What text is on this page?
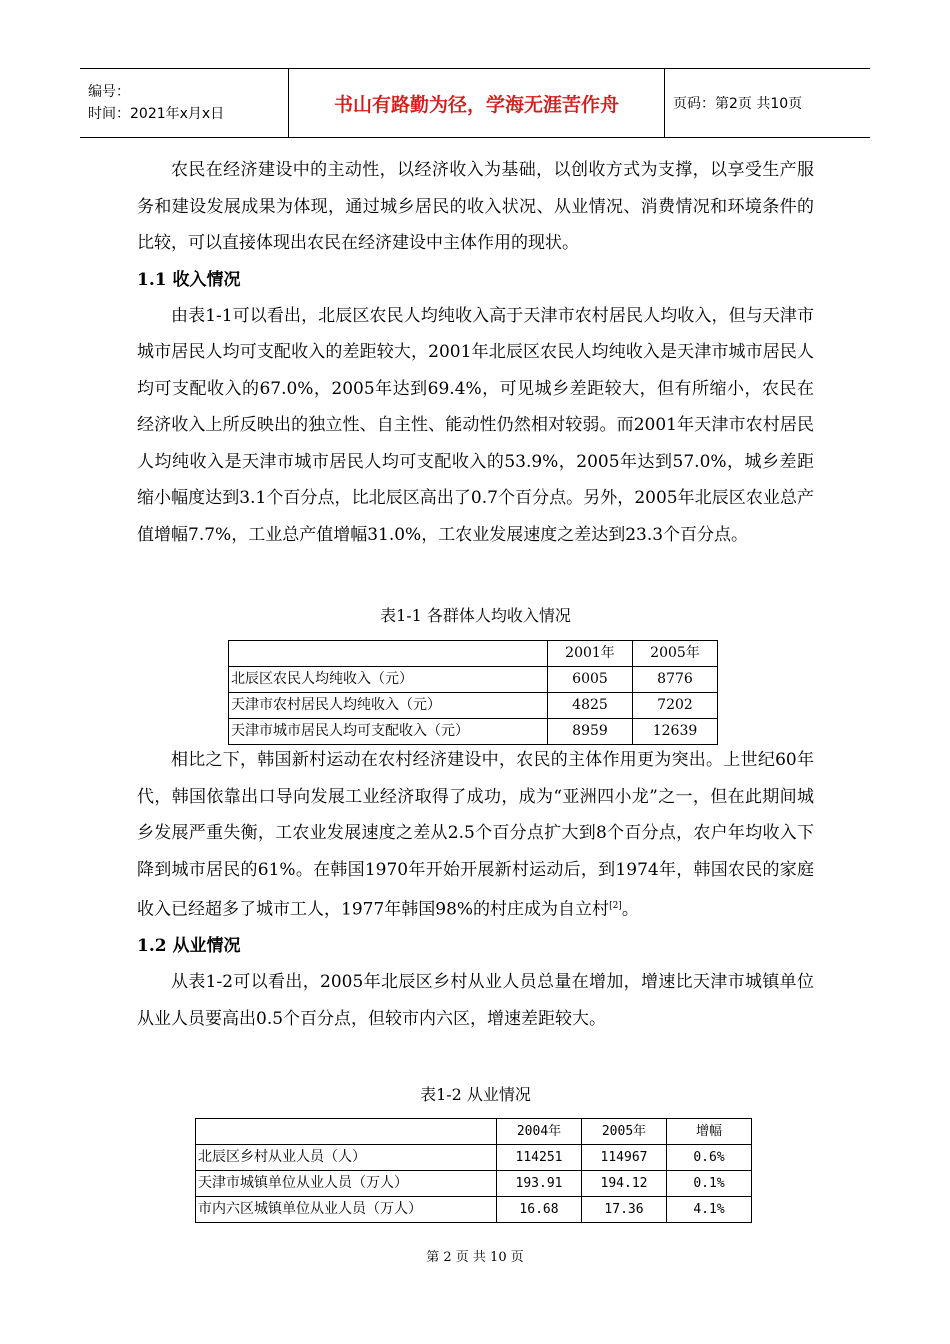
编号：
时间：2021年x月x日	书山有路勤为径，学海无涯苦作舟	页码：第2页 共10页

农民在经济建设中的主动性，以经济收入为基础，以创收方式为支撑，以享受生产服务和建设发展成果为体现，通过城乡居民的收入状况、从业情况、消费情况和环境条件的比较，可以直接体现出农民在经济建设中主体作用的现状。

1.1 收入情况

由表1-1可以看出，北辰区农民人均纯收入高于天津市农村居民人均收入，但与天津市城市居民人均可支配收入的差距较大，2001年北辰区农民人均纯收入是天津市城市居民人均可支配收入的67.0%，2005年达到69.4%，可见城乡差距较大，但有所缩小，农民在经济收入上所反映出的独立性、自主性、能动性仍然相对较弱。而2001年天津市农村居民人均纯收入是天津市城市居民人均可支配收入的53.9%，2005年达到57.0%，城乡差距缩小幅度达到3.1个百分点，比北辰区高出了0.7个百分点。另外，2005年北辰区农业总产值增幅7.7%，工业总产值增幅31.0%，工农业发展速度之差达到23.3个百分点。

表1-1 各群体人均收入情况

	2001年	2005年
北辰区农民人均纯收入（元）	6005	8776
天津市农村居民人均纯收入（元）	4825	7202
天津市城市居民人均可支配收入（元）	8959	12639

相比之下，韩国新村运动在农村经济建设中，农民的主体作用更为突出。上世纪60年代，韩国依靠出口导向发展工业经济取得了成功，成为“亚洲四小龙”之一，但在此期间城乡发展严重失衡，工农业发展速度之差从2.5个百分点扩大到8个百分点，农户年均收入下降到城市居民的61%。在韩国1970年开始开展新村运动后，到1974年，韩国农民的家庭收入已经超多了城市工人，1977年韩国98%的村庄成为自立村[2]。

1.2 从业情况

从表1-2可以看出，2005年北辰区乡村从业人员总量在增加，增速比天津市城镇单位从业人员要高出0.5个百分点，但较市内六区，增速差距较大。

表1-2 从业情况

	2004年	2005年	增幅
北辰区乡村从业人员（人）	114251	114967	0.6%
天津市城镇单位从业人员（万人）	193.91	194.12	0.1%
市内六区城镇单位从业人员（万人）	16.68	17.36	4.1%
第 2 页 共 10 页
